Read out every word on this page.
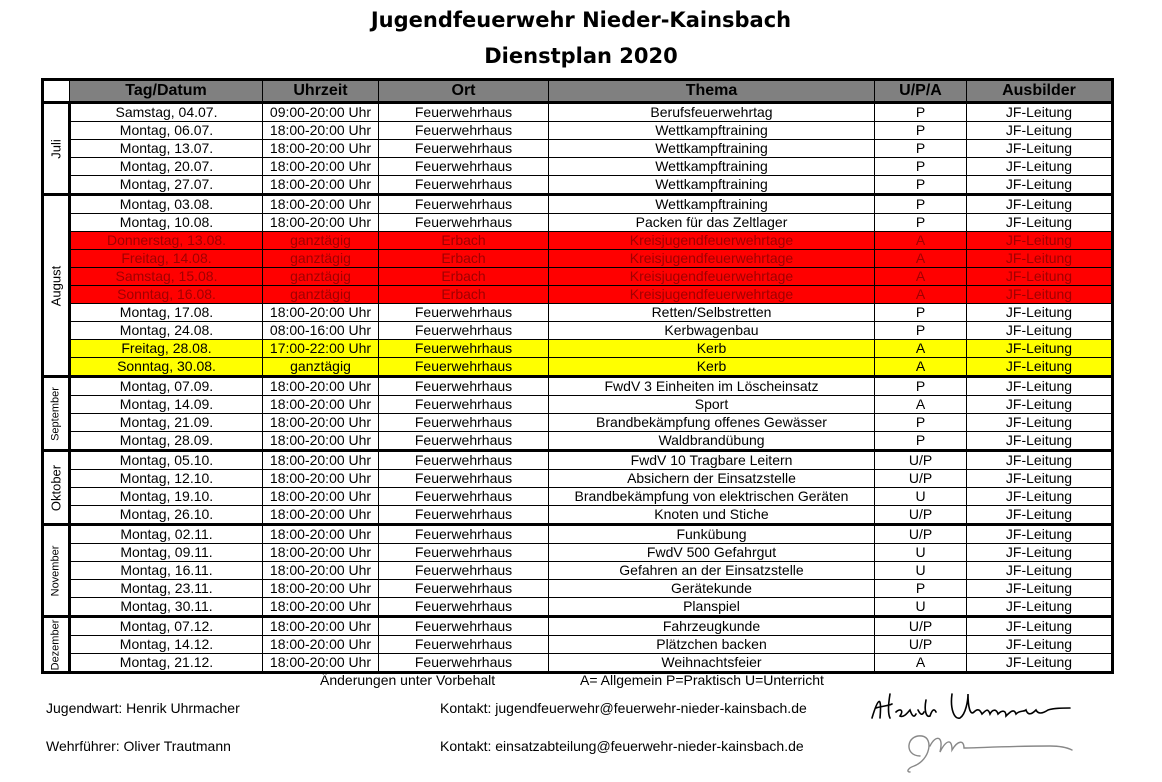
Jugendfeuerwehr Nieder-Kainsbach
Dienstplan 2020
	Tag/Datum	Uhrzeit	Ort	Thema	U/P/A	Ausbilder

Juli	Samstag, 04.07.	09:00-20:00 Uhr	Feuerwehrhaus	Berufsfeuerwehrtag	P	JF-Leitung
	Montag, 06.07.	18:00-20:00 Uhr	Feuerwehrhaus	Wettkampftraining	P	JF-Leitung
	Montag, 13.07.	18:00-20:00 Uhr	Feuerwehrhaus	Wettkampftraining	P	JF-Leitung
	Montag, 20.07.	18:00-20:00 Uhr	Feuerwehrhaus	Wettkampftraining	P	JF-Leitung
	Montag, 27.07.	18:00-20:00 Uhr	Feuerwehrhaus	Wettkampftraining	P	JF-Leitung

August	Montag, 03.08.	18:00-20:00 Uhr	Feuerwehrhaus	Wettkampftraining	P	JF-Leitung
	Montag, 10.08.	18:00-20:00 Uhr	Feuerwehrhaus	Packen für das Zeltlager	P	JF-Leitung
	Donnerstag, 13.08.	ganztägig	Erbach	Kreisjugendfeuerwehrtage	A	JF-Leitung
	Freitag, 14.08.	ganztägig	Erbach	Kreisjugendfeuerwehrtage	A	JF-Leitung
	Samstag, 15.08.	ganztägig	Erbach	Kreisjugendfeuerwehrtage	A	JF-Leitung
	Sonntag, 16.08.	ganztägig	Erbach	Kreisjugendfeuerwehrtage	A	JF-Leitung
	Montag, 17.08.	18:00-20:00 Uhr	Feuerwehrhaus	Retten/Selbstretten	P	JF-Leitung
	Montag, 24.08.	08:00-16:00 Uhr	Feuerwehrhaus	Kerbwagenbau	P	JF-Leitung
	Freitag, 28.08.	17:00-22:00 Uhr	Feuerwehrhaus	Kerb	A	JF-Leitung
	Sonntag, 30.08.	ganztägig	Feuerwehrhaus	Kerb	A	JF-Leitung

September	Montag, 07.09.	18:00-20:00 Uhr	Feuerwehrhaus	FwdV 3 Einheiten im Löscheinsatz	P	JF-Leitung
	Montag, 14.09.	18:00-20:00 Uhr	Feuerwehrhaus	Sport	A	JF-Leitung
	Montag, 21.09.	18:00-20:00 Uhr	Feuerwehrhaus	Brandbekämpfung offenes Gewässer	P	JF-Leitung
	Montag, 28.09.	18:00-20:00 Uhr	Feuerwehrhaus	Waldbrandübung	P	JF-Leitung

Oktober	Montag, 05.10.	18:00-20:00 Uhr	Feuerwehrhaus	FwdV 10 Tragbare Leitern	U/P	JF-Leitung
	Montag, 12.10.	18:00-20:00 Uhr	Feuerwehrhaus	Absichern der Einsatzstelle	U/P	JF-Leitung
	Montag, 19.10.	18:00-20:00 Uhr	Feuerwehrhaus	Brandbekämpfung von elektrischen Geräten	U	JF-Leitung
	Montag, 26.10.	18:00-20:00 Uhr	Feuerwehrhaus	Knoten und Stiche	U/P	JF-Leitung

November	Montag, 02.11.	18:00-20:00 Uhr	Feuerwehrhaus	Funkübung	U/P	JF-Leitung
	Montag, 09.11.	18:00-20:00 Uhr	Feuerwehrhaus	FwdV 500 Gefahrgut	U	JF-Leitung
	Montag, 16.11.	18:00-20:00 Uhr	Feuerwehrhaus	Gefahren an der Einsatzstelle	U	JF-Leitung
	Montag, 23.11.	18:00-20:00 Uhr	Feuerwehrhaus	Gerätekunde	P	JF-Leitung
	Montag, 30.11.	18:00-20:00 Uhr	Feuerwehrhaus	Planspiel	U	JF-Leitung

Dezember	Montag, 07.12.	18:00-20:00 Uhr	Feuerwehrhaus	Fahrzeugkunde	U/P	JF-Leitung
	Montag, 14.12.	18:00-20:00 Uhr	Feuerwehrhaus	Plätzchen backen	U/P	JF-Leitung
	Montag, 21.12.	18:00-20:00 Uhr	Feuerwehrhaus	Weihnachtsfeier	A	JF-Leitung
Änderungen unter Vorbehalt	A= Allgemein P=Praktisch U=Unterricht
Jugendwart: Henrik Uhrmacher
Wehrführer: Oliver Trautmann
Kontakt: jugendfeuerwehr@feuerwehr-nieder-kainsbach.de
Kontakt: einsatzabteilung@feuerwehr-nieder-kainsbach.de
